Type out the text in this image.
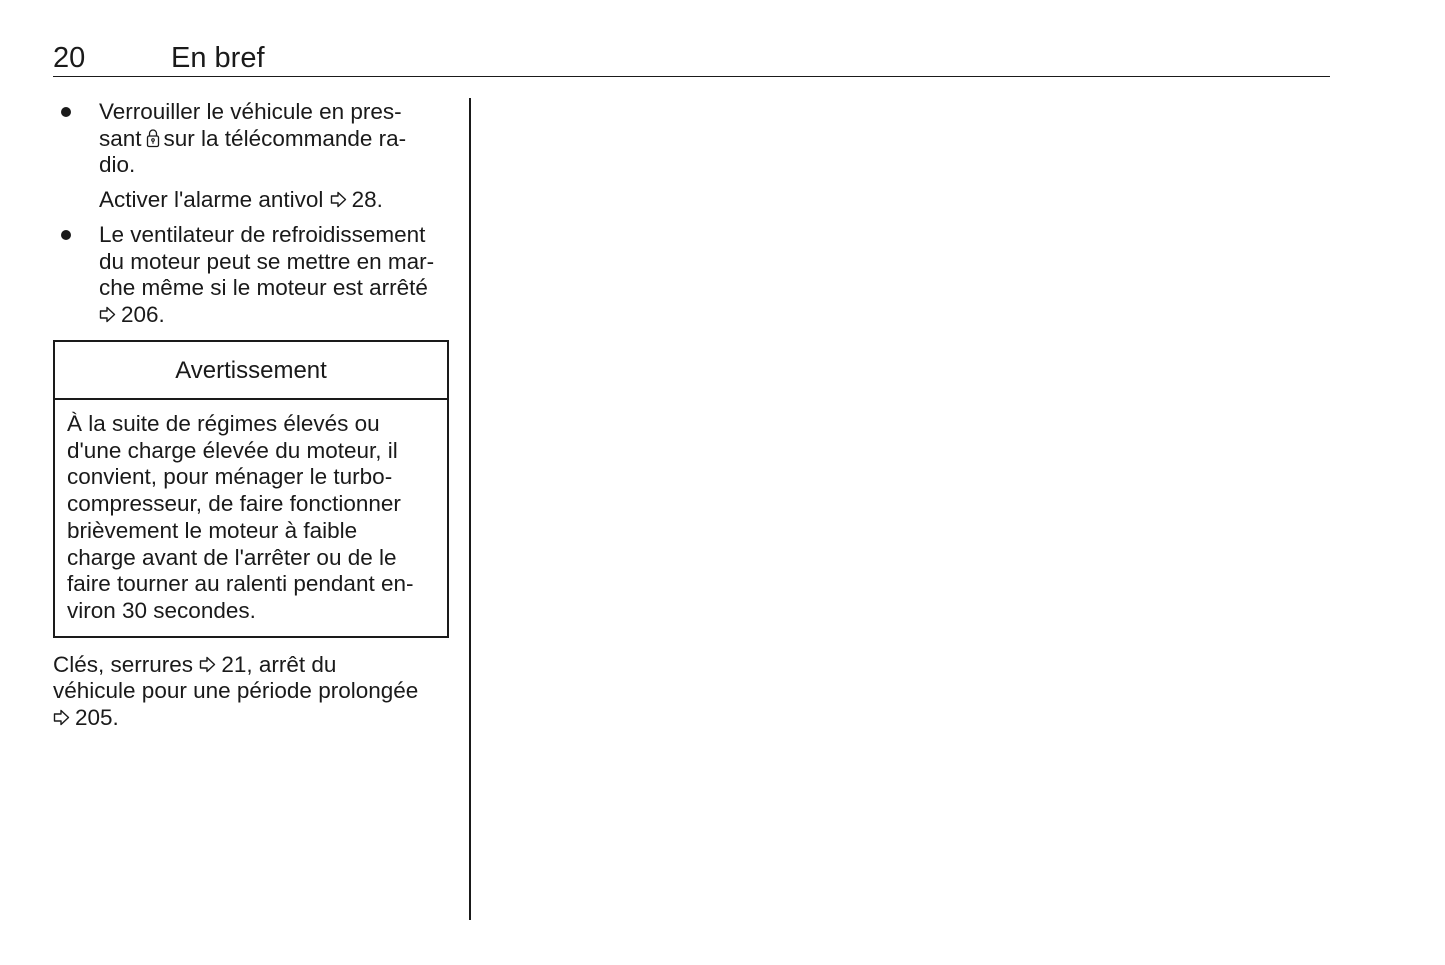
20	En bref

Verrouiller le véhicule en pres-
sant sur la télécommande ra-
dio.

Activer l'alarme antivol 28.

Le ventilateur de refroidissement
du moteur peut se mettre en mar-
che même si le moteur est arrêté
206.

Avertissement
À la suite de régimes élevés ou
d'une charge élevée du moteur, il
convient, pour ménager le turbo-
compresseur, de faire fonctionner
brièvement le moteur à faible
charge avant de l'arrêter ou de le
faire tourner au ralenti pendant en-
viron 30 secondes.

Clés, serrures 21, arrêt du
véhicule pour une période prolongée
205.
